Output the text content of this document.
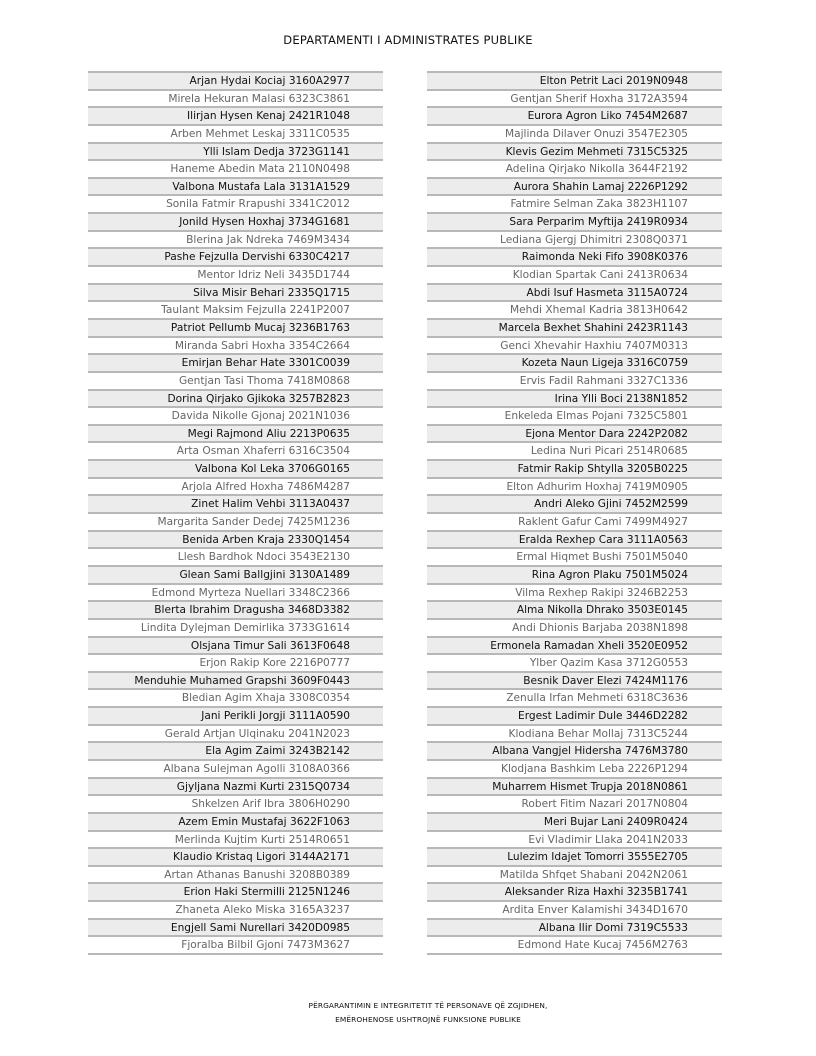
DEPARTAMENTI I ADMINISTRATES PUBLIKE
Arjan Hydai Kociaj 3160A2977
Mirela Hekuran Malasi 6323C3861
Ilirjan Hysen Kenaj 2421R1048
Arben Mehmet Leskaj 3311C0535
Ylli Islam Dedja 3723G1141
Haneme Abedin Mata 2110N0498
Valbona Mustafa Lala 3131A1529
Sonila Fatmir Rrapushi 3341C2012
Jonild Hysen Hoxhaj 3734G1681
Blerina Jak Ndreka 7469M3434
Pashe Fejzulla Dervishi 6330C4217
Mentor Idriz Neli 3435D1744
Silva Misir Behari 2335Q1715
Taulant Maksim Fejzulla 2241P2007
Patriot Pellumb Mucaj 3236B1763
Miranda Sabri Hoxha 3354C2664
Emirjan Behar Hate 3301C0039
Gentjan Tasi Thoma 7418M0868
Dorina Qirjako Gjikoka 3257B2823
Davida Nikolle Gjonaj 2021N1036
Megi Rajmond Aliu 2213P0635
Arta Osman Xhaferri 6316C3504
Valbona Kol Leka 3706G0165
Arjola Alfred Hoxha 7486M4287
Zinet Halim Vehbi 3113A0437
Margarita Sander Dedej 7425M1236
Benida Arben Kraja 2330Q1454
Llesh Bardhok Ndoci 3543E2130
Glean Sami Ballgjini 3130A1489
Edmond Myrteza Nuellari 3348C2366
Blerta Ibrahim Dragusha 3468D3382
Lindita Dylejman Demirlika 3733G1614
Olsjana Timur Sali 3613F0648
Erjon Rakip Kore 2216P0777
Menduhie Muhamed Grapshi 3609F0443
Bledian Agim Xhaja 3308C0354
Jani Perikli Jorgji 3111A0590
Gerald Artjan Ulqinaku 2041N2023
Ela Agim Zaimi 3243B2142
Albana Sulejman Agolli 3108A0366
Gjyljana Nazmi Kurti 2315Q0734
Shkelzen Arif Ibra 3806H0290
Azem Emin Mustafaj 3622F1063
Merlinda Kujtim Kurti 2514R0651
Klaudio Kristaq Ligori 3144A2171
Artan Athanas Banushi 3208B0389
Erion Haki Stermilli 2125N1246
Zhaneta Aleko Miska 3165A3237
Engjell Sami Nurellari 3420D0985
Fjoralba Bilbil Gjoni 7473M3627
Elton Petrit Laci 2019N0948
Gentjan Sherif Hoxha 3172A3594
Eurora Agron Liko 7454M2687
Majlinda Dilaver Onuzi 3547E2305
Klevis Gezim Mehmeti 7315C5325
Adelina Qirjako Nikolla 3644F2192
Aurora Shahin Lamaj 2226P1292
Fatmire Selman Zaka 3823H1107
Sara Perparim Myftija 2419R0934
Lediana Gjergj Dhimitri 2308Q0371
Raimonda Neki Fifo 3908K0376
Klodian Spartak Cani 2413R0634
Abdi Isuf Hasmeta 3115A0724
Mehdi Xhemal Kadria 3813H0642
Marcela Bexhet Shahini 2423R1143
Genci Xhevahir Haxhiu 7407M0313
Kozeta Naun Ligeja 3316C0759
Ervis Fadil Rahmani 3327C1336
Irina Ylli Boci 2138N1852
Enkeleda Elmas Pojani 7325C5801
Ejona Mentor Dara 2242P2082
Ledina Nuri Picari 2514R0685
Fatmir Rakip Shtylla 3205B0225
Elton Adhurim Hoxhaj 7419M0905
Andri Aleko Gjini 7452M2599
Raklent Gafur Cami 7499M4927
Eralda Rexhep Cara 3111A0563
Ermal Hiqmet Bushi 7501M5040
Rina Agron Plaku 7501M5024
Vilma Rexhep Rakipi 3246B2253
Alma Nikolla Dhrako 3503E0145
Andi Dhionis Barjaba 2038N1898
Ermonela Ramadan Xheli 3520E0952
Ylber Qazim Kasa 3712G0553
Besnik Daver Elezi 7424M1176
Zenulla Irfan Mehmeti 6318C3636
Ergest Ladimir Dule 3446D2282
Klodiana Behar Mollaj 7313C5244
Albana Vangjel Hidersha 7476M3780
Klodjana Bashkim Leba 2226P1294
Muharrem Hismet Trupja 2018N0861
Robert Fitim Nazari 2017N0804
Meri Bujar Lani 2409R0424
Evi Vladimir Llaka 2041N2033
Lulezim Idajet Tomorri 3555E2705
Matilda Shfqet Shabani 2042N2061
Aleksander Riza Haxhi 3235B1741
Ardita Enver Kalamishi 3434D1670
Albana Ilir Domi 7319C5533
Edmond Hate Kucaj 7456M2763
PËRGARANTIMIN E INTEGRITETIT TË PERSONAVE QË ZGJIDHEN,
EMËROHENOSE USHTROJNË FUNKSIONE PUBLIKE
